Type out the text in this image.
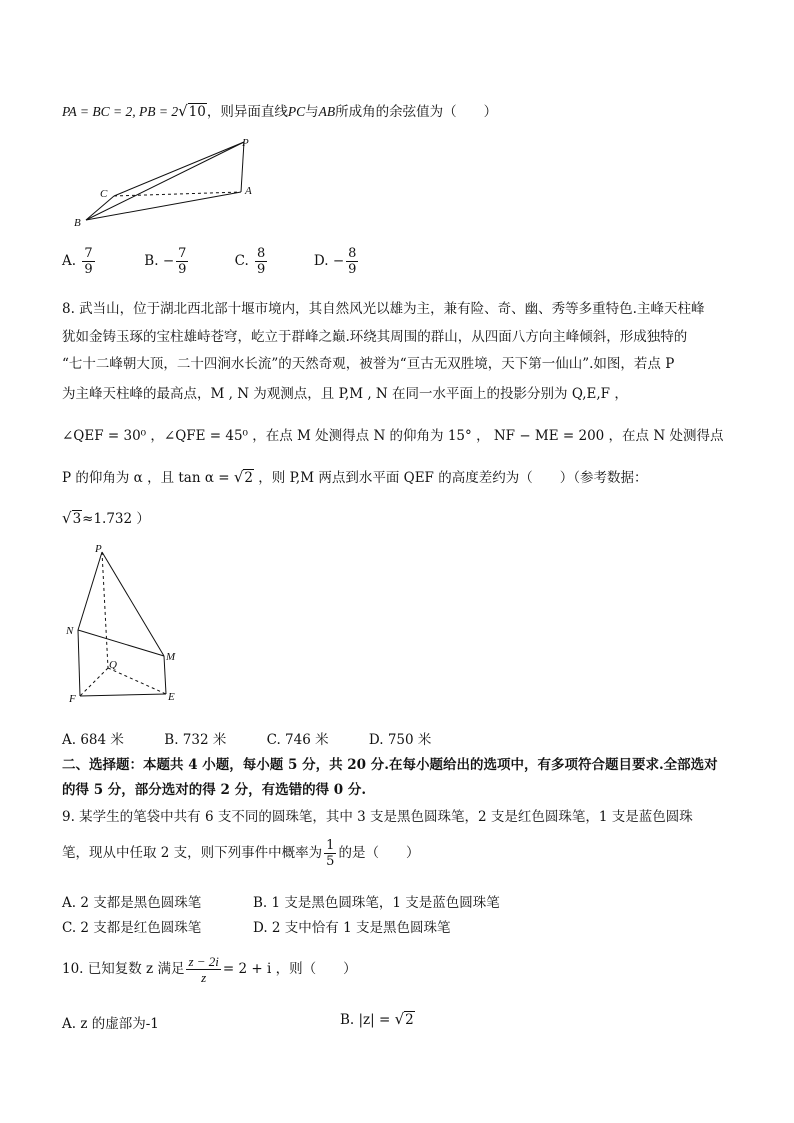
PA = BC = 2, PB = 2√10，则异面直线PC与AB所成角的余弦值为（　　）
P
C	A
B
A. $\frac{7}{9}$	B. − $\frac{7}{9}$	C. $\frac{8}{9}$	D. − $\frac{8}{9}$
8. 武当山，位于湖北西北部十堰市境内，其自然风光以雄为主，兼有险、奇、幽、秀等多重特色.主峰天柱峰
犹如金铸玉琢的宝柱雄峙苍穹，屹立于群峰之巅.环绕其周围的群山，从四面八方向主峰倾斜，形成独特的
“七十二峰朝大顶，二十四涧水长流”的天然奇观，被誉为“亘古无双胜境，天下第一仙山”.如图，若点 P
为主峰天柱峰的最高点，M , N 为观测点，且 P,M , N 在同一水平面上的投影分别为 Q,E,F ，
∠QEF = 30⁰ ，∠QFE = 45⁰ ，在点 M 处测得点 N 的仰角为 15° ， NF − ME = 200 ，在点 N 处测得点
P 的仰角为 α ，且 tan α = √2 ，则 P,M 两点到水平面 QEF 的高度差约为（　　）（参考数据：
√3≈1.732 ）
P
N
Q
M
F	E
A. 684 米	B. 732 米	C. 746 米	D. 750 米
二、选择题：本题共 4 小题，每小题 5 分，共 20 分.在每小题给出的选项中，有多项符合题目要求.全部选对
的得 5 分，部分选对的得 2 分，有选错的得 0 分.
9. 某学生的笔袋中共有 6 支不同的圆珠笔，其中 3 支是黑色圆珠笔，2 支是红色圆珠笔，1 支是蓝色圆珠
笔，现从中任取 2 支，则下列事件中概率为 $\frac{1}{5}$ 的是（　　）
A. 2 支都是黑色圆珠笔	B. 1 支是黑色圆珠笔，1 支是蓝色圆珠笔
C. 2 支都是红色圆珠笔	D. 2 支中恰有 1 支是黑色圆珠笔
10. 已知复数 z 满足 $\frac{z - 2i}{z} = 2 + i$ ，则（　　）
A. z 的虚部为-1	B. |z| = √2
